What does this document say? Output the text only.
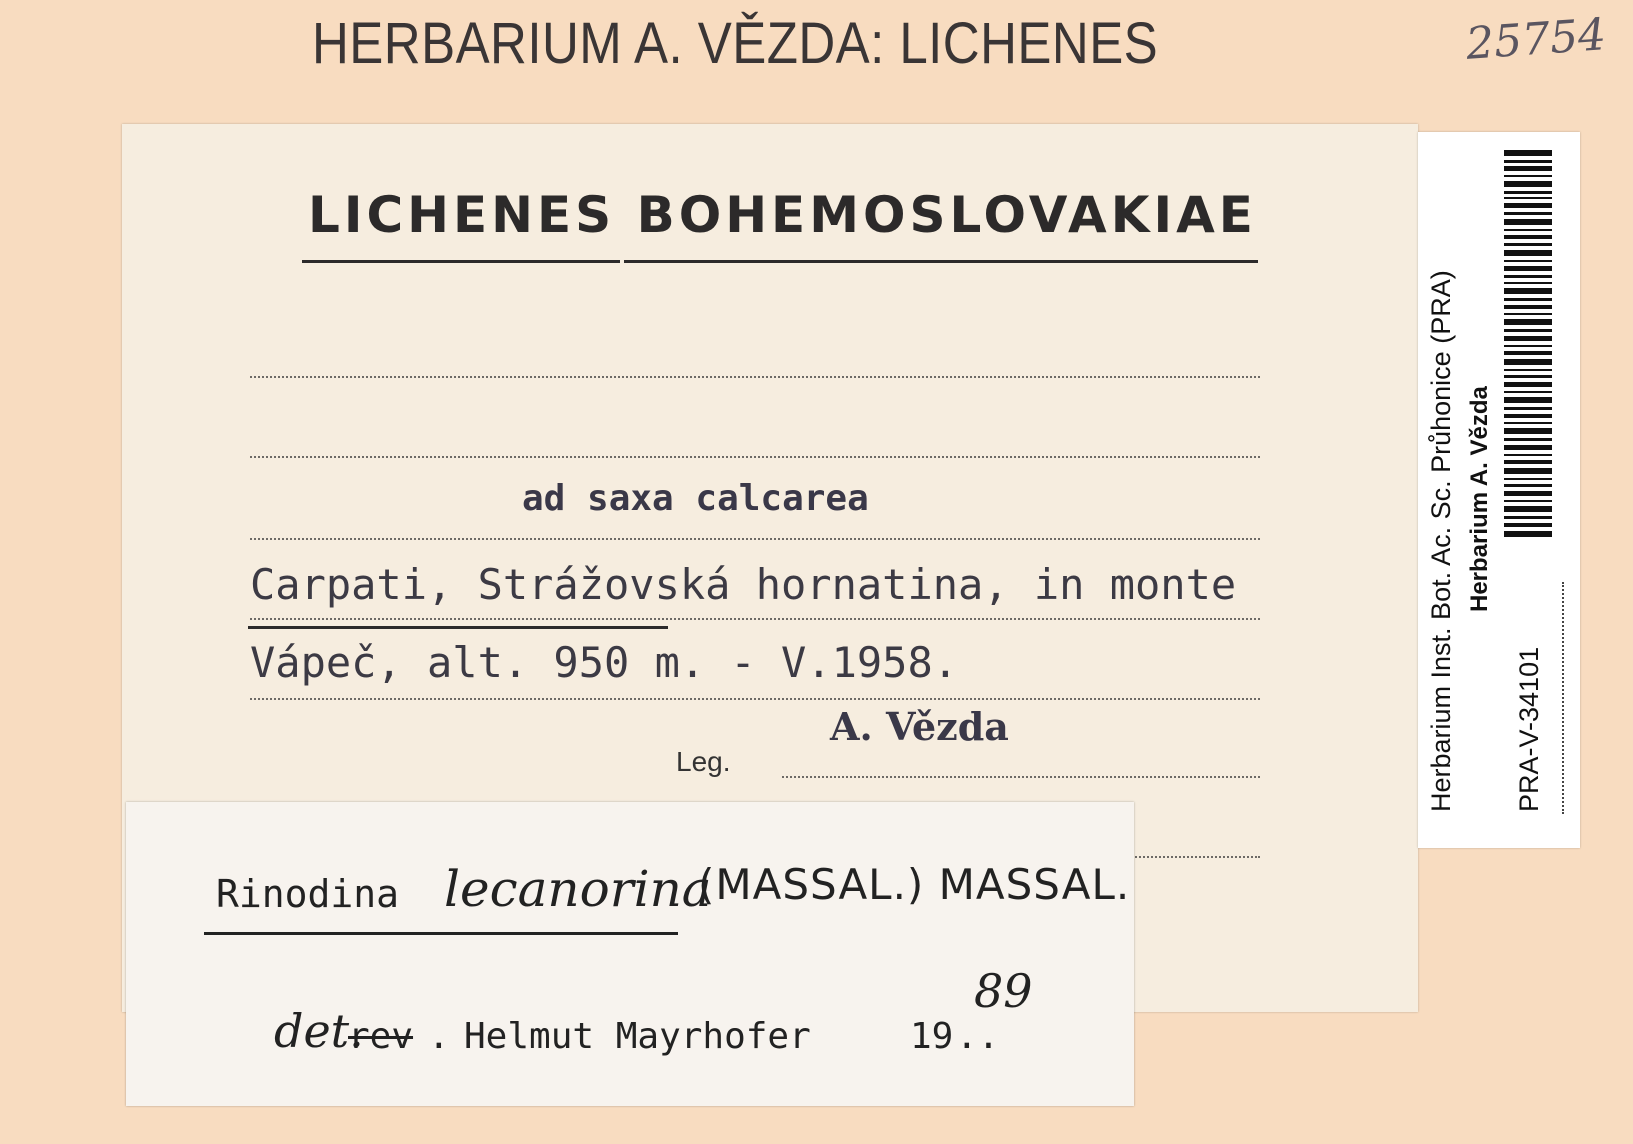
HERBARIUM A. VĚZDA: LICHENES	25754
LICHENES BOHEMOSLOVAKIAE
ad saxa calcarea
Carpati, Strážovská hornatina, in monte
Vápeč, alt. 950 m. - V.1958.
Leg.
A. Vězda	Herbarium Inst. Bot. Ac. Sc. Průhonice (PRA) Herbarium A. Vězda
PRA-V-34101
Rinodina lecanorina
(MASSAL.) MASSAL.
det.
rev . Helmut Mayrhofer	19 ..
89
